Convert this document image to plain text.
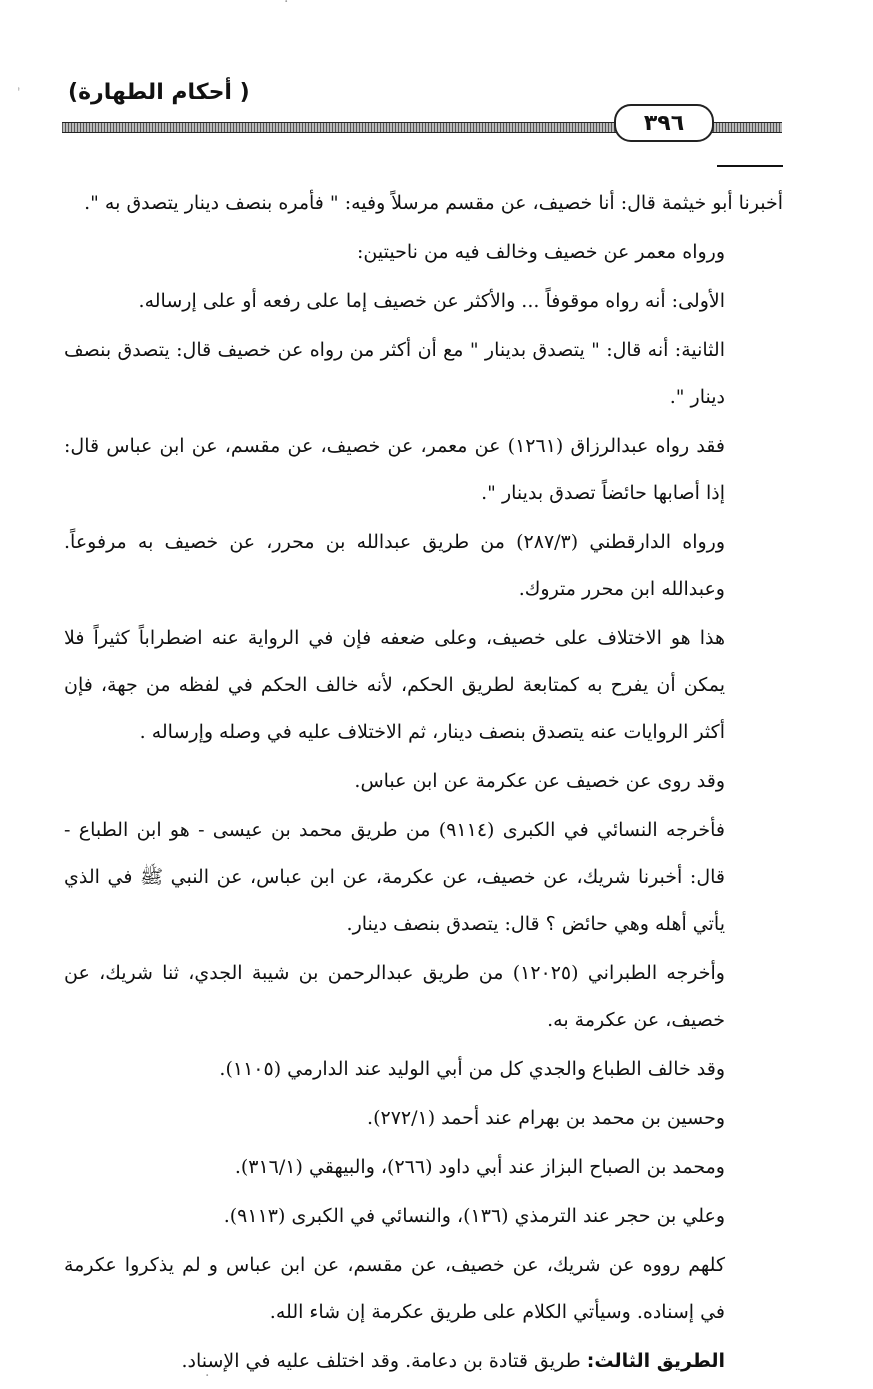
(أحكام الطهارة )
٣٩٦

أخبرنا أبو خيثمة قال: أنا خصيف، عن مقسم مرسلاً وفيه: " فأمره بنصف دينار يتصدق به ".

ورواه معمر عن خصيف وخالف فيه من ناحيتين:

الأولى: أنه رواه موقوفاً ... والأكثر عن خصيف إما على رفعه أو على إرساله.

الثانية: أنه قال: " يتصدق بدينار " مع أن أكثر من رواه عن خصيف قال: يتصدق بنصف دينار ".

فقد رواه عبدالرزاق (١٢٦١) عن معمر، عن خصيف، عن مقسم، عن ابن عباس قال: إذا أصابها حائضاً تصدق بدينار ".

ورواه الدارقطني (٢٨٧/٣) من طريق عبدالله بن محرر، عن خصيف به مرفوعاً. وعبدالله ابن محرر متروك.

هذا هو الاختلاف على خصيف، وعلى ضعفه فإن في الرواية عنه اضطراباً كثيراً فلا يمكن أن يفرح به كمتابعة لطريق الحكم، لأنه خالف الحكم في لفظه من جهة، فإن أكثر الروايات عنه يتصدق بنصف دينار، ثم الاختلاف عليه في وصله وإرساله .

وقد روى عن خصيف عن عكرمة عن ابن عباس.

فأخرجه النسائي في الكبرى (٩١١٤) من طريق محمد بن عيسى - هو ابن الطباع - قال: أخبرنا شريك، عن خصيف، عن عكرمة، عن ابن عباس، عن النبي ﷺ في الذي يأتي أهله وهي حائض ؟ قال: يتصدق بنصف دينار.

وأخرجه الطبراني (١٢٠٢٥) من طريق عبدالرحمن بن شيبة الجدي، ثنا شريك، عن خصيف، عن عكرمة به.

وقد خالف الطباع والجدي كل من أبي الوليد عند الدارمي (١١٠٥).

وحسين بن محمد بن بهرام عند أحمد (٢٧٢/١).

ومحمد بن الصباح البزاز عند أبي داود (٢٦٦)، والبيهقي (٣١٦/١).

وعلي بن حجر عند الترمذي (١٣٦)، والنسائي في الكبرى (٩١١٣).

كلهم رووه عن شريك، عن خصيف، عن مقسم، عن ابن عباس و لم يذكروا عكرمة في إسناده. وسيأتي الكلام على طريق عكرمة إن شاء الله.

الطريق الثالث: طريق قتادة بن دعامة. وقد اختلف عليه في الإسناد.

·
ˋ
·
